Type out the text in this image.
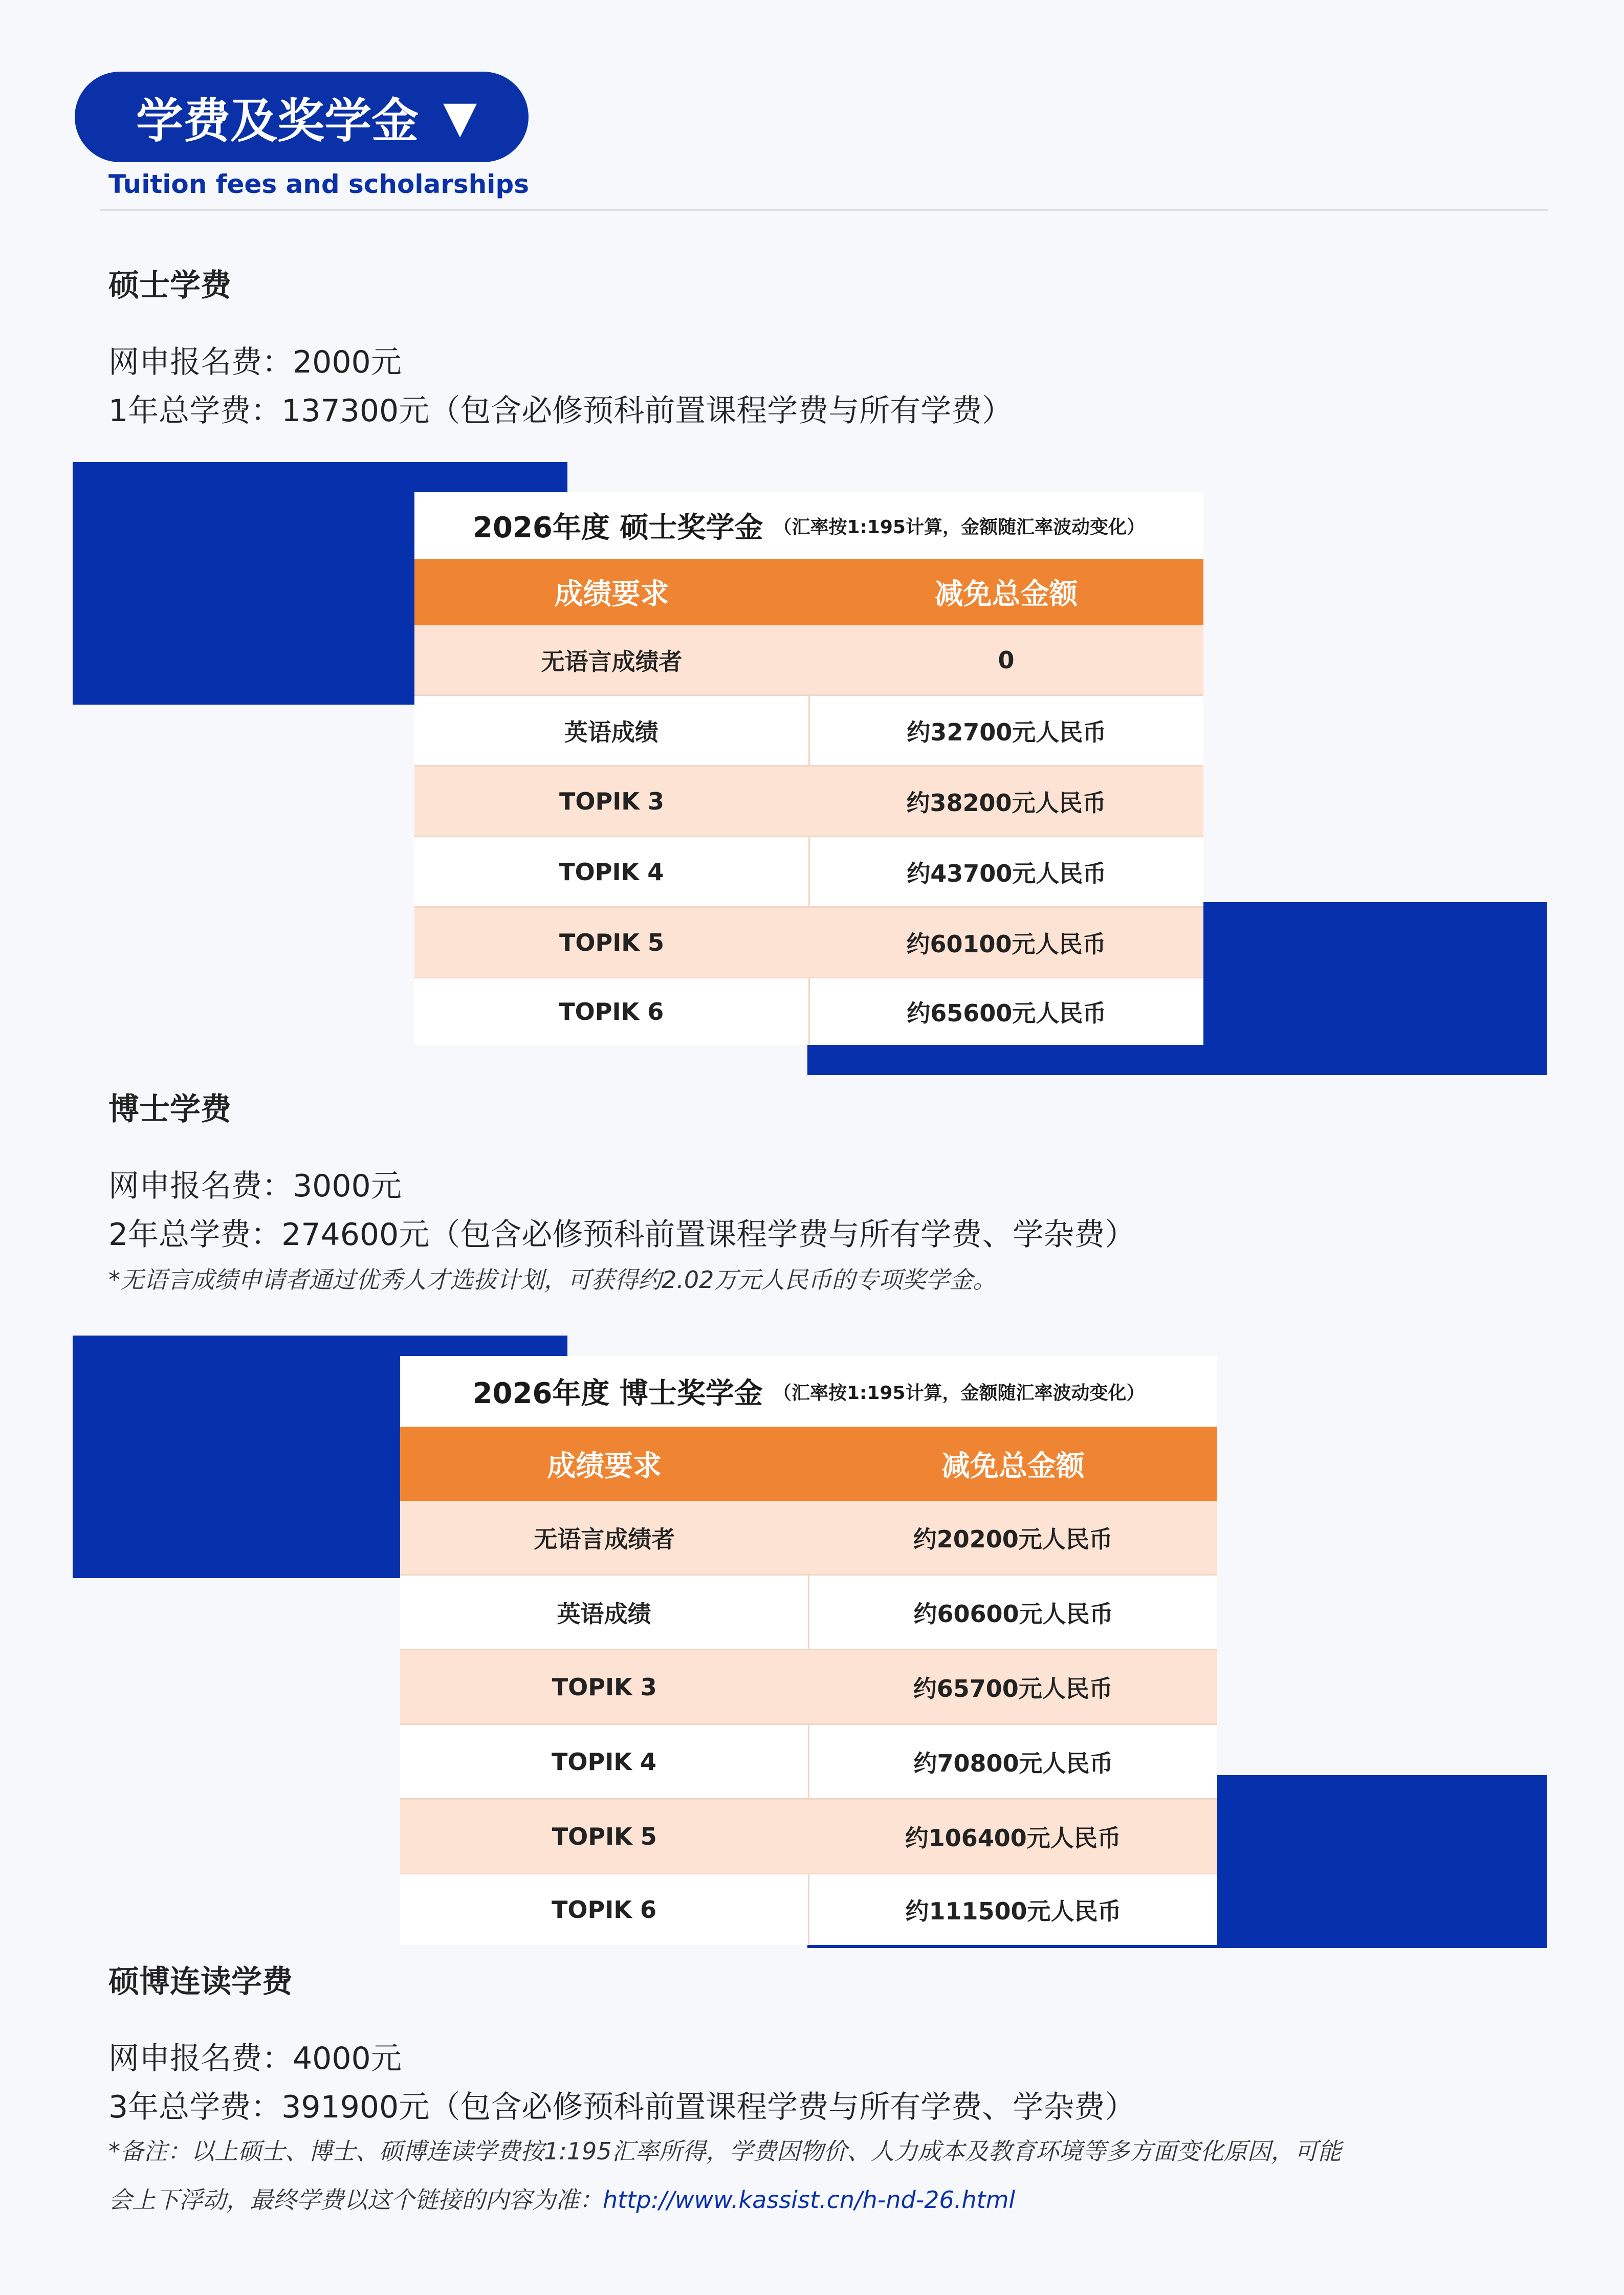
学费及奖学金 ▼
Tuition fees and scholarships
硕士学费
网申报名费：2000元
1年总学费：137300元（包含必修预科前置课程学费与所有学费）
2026年度 硕士奖学金 （汇率按1:195计算，金额随汇率波动变化）
成绩要求	减免总金额
无语言成绩者	0
英语成绩	约32700元人民币
TOPIK 3	约38200元人民币
TOPIK 4	约43700元人民币
TOPIK 5	约60100元人民币
TOPIK 6	约65600元人民币
博士学费
网申报名费：3000元
2年总学费：274600元（包含必修预科前置课程学费与所有学费、学杂费）
*无语言成绩申请者通过优秀人才选拔计划，可获得约2.02万元人民币的专项奖学金。
2026年度 博士奖学金 （汇率按1:195计算，金额随汇率波动变化）
成绩要求	减免总金额
无语言成绩者	约20200元人民币
英语成绩	约60600元人民币
TOPIK 3	约65700元人民币
TOPIK 4	约70800元人民币
TOPIK 5	约106400元人民币
TOPIK 6	约111500元人民币
硕博连读学费
网申报名费：4000元
3年总学费：391900元（包含必修预科前置课程学费与所有学费、学杂费）
*备注：以上硕士、博士、硕博连读学费按1:195汇率所得，学费因物价、人力成本及教育环境等多方面变化原因，可能
会上下浮动，最终学费以这个链接的内容为准：http://www.kassist.cn/h-nd-26.html
